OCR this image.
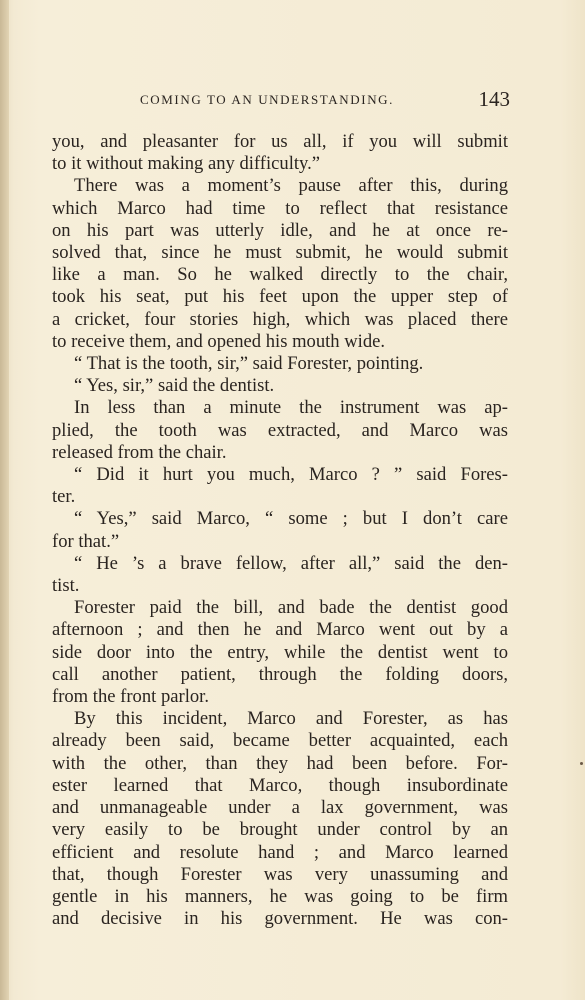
COMING TO AN UNDERSTANDING.	143
you, and pleasanter for us all, if you will submit
to it without making any difficulty.”
There was a moment’s pause after this, during
which Marco had time to reflect that resistance
on his part was utterly idle, and he at once re-
solved that, since he must submit, he would submit
like a man. So he walked directly to the chair,
took his seat, put his feet upon the upper step of
a cricket, four stories high, which was placed there
to receive them, and opened his mouth wide.
“ That is the tooth, sir,” said Forester, pointing.
“ Yes, sir,” said the dentist.
In less than a minute the instrument was ap-
plied, the tooth was extracted, and Marco was
released from the chair.
“ Did it hurt you much, Marco ? ” said Fores-
ter.
“ Yes,” said Marco, “ some ; but I don’t care
for that.”
“ He ’s a brave fellow, after all,” said the den-
tist.
Forester paid the bill, and bade the dentist good
afternoon ; and then he and Marco went out by a
side door into the entry, while the dentist went to
call another patient, through the folding doors,
from the front parlor.
By this incident, Marco and Forester, as has
already been said, became better acquainted, each
with the other, than they had been before. For-
ester learned that Marco, though insubordinate
and unmanageable under a lax government, was
very easily to be brought under control by an
efficient and resolute hand ; and Marco learned
that, though Forester was very unassuming and
gentle in his manners, he was going to be firm
and decisive in his government. He was con-
